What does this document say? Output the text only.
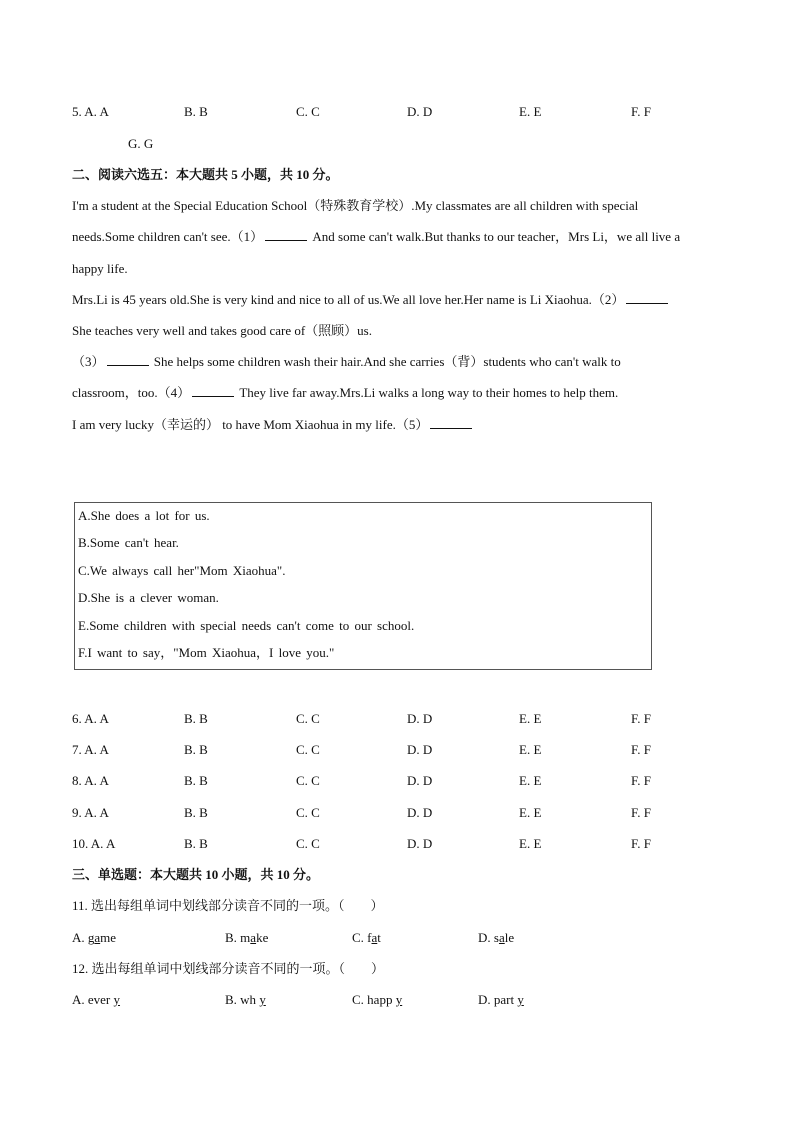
5. A. A	B. B	C. C	D. D	E. E	F. F
G. G
二、阅读六选五：本大题共 5 小题，共 10 分。
I'm a student at the Special Education School（特殊教育学校）.My classmates are all children with special
needs.Some children can't see.（1）	And some can't walk.But thanks to our teacher，Mrs Li，we all live a
happy life.
Mrs.Li is 45 years old.She is very kind and nice to all of us.We all love her.Her name is Li Xiaohua.（2）
She teaches very well and takes good care of（照顾）us.
（3）	She helps some children wash their hair.And she carries（背）students who can't walk to
classroom，too.（4）	They live far away.Mrs.Li walks a long way to their homes to help them.
I am very lucky（幸运的） to have Mom Xiaohua in my life.（5）
A.She does a lot for us.
B.Some can't hear.
C.We always call her"Mom Xiaohua".
D.She is a clever woman.
E.Some children with special needs can't come to our school.
F.I want to say，"Mom Xiaohua，I love you."
6. A. A	B. B	C. C	D. D	E. E	F. F
7. A. A	B. B	C. C	D. D	E. E	F. F
8. A. A	B. B	C. C	D. D	E. E	F. F
9. A. A	B. B	C. C	D. D	E. E	F. F
10. A. A	B. B	C. C	D. D	E. E	F. F
三、单选题：本大题共 10 小题，共 10 分。
11. 选出每组单词中划线部分读音不同的一项。（　　）
A. game	B. make	C. fat	D. sale
12. 选出每组单词中划线部分读音不同的一项。（　　）
A. ever y	B. wh y	C. happ y	D. part y
